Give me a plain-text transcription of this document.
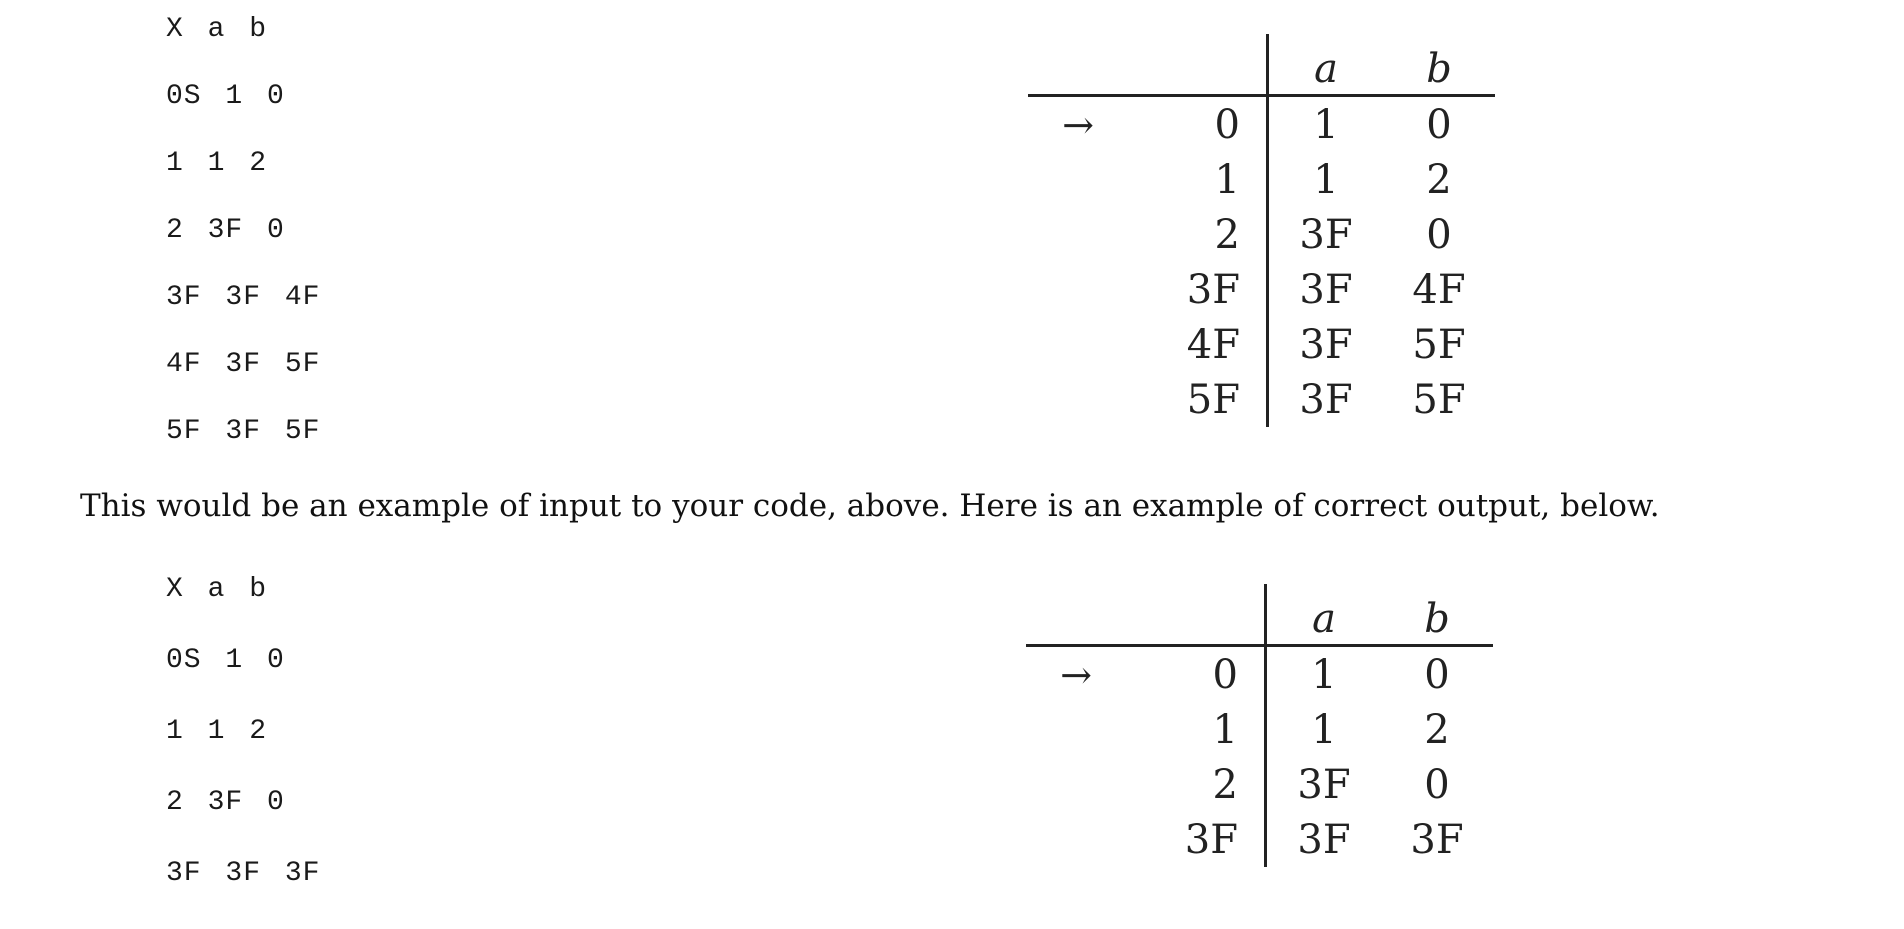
X a b
0S 1 0
1 1 2
2 3F 0
3F 3F 4F
4F 3F 5F
5F 3F 5F
		a	b
→	0	1	0
	1	1	2
	2	3F	0
	3F	3F	4F
	4F	3F	5F
	5F	3F	5F

This would be an example of input to your code, above. Here is an example of correct output, below.

X a b
0S 1 0
1 1 2
2 3F 0
3F 3F 3F
		a	b
→	0	1	0
	1	1	2
	2	3F	0
	3F	3F	3F
